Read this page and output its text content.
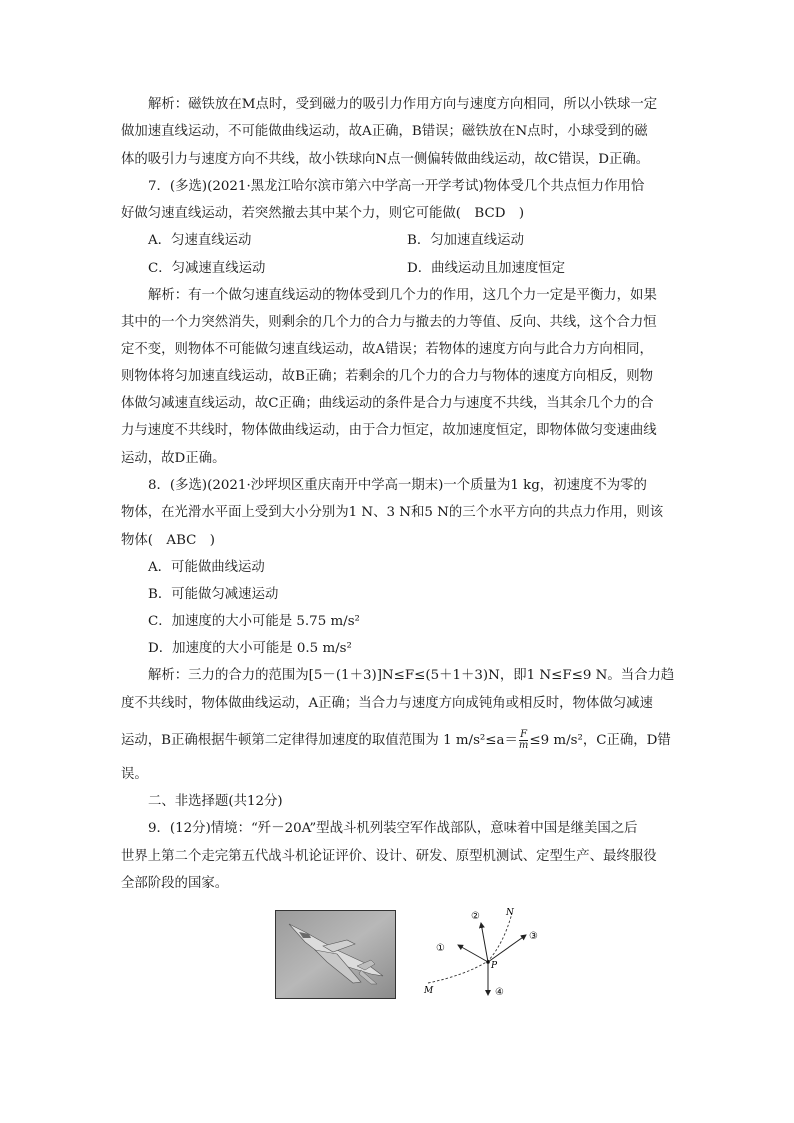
解析：磁铁放在M点时，受到磁力的吸引力作用方向与速度方向相同，所以小铁球一定
做加速直线运动，不可能做曲线运动，故A正确，B错误；磁铁放在N点时，小球受到的磁
体的吸引力与速度方向不共线，故小铁球向N点一侧偏转做曲线运动，故C错误，D正确。
7．(多选)(2021·黑龙江哈尔滨市第六中学高一开学考试)物体受几个共点恒力作用恰
好做匀速直线运动，若突然撤去其中某个力，则它可能做(　BCD　)
A．匀速直线运动	B．匀加速直线运动
C．匀减速直线运动	D．曲线运动且加速度恒定
解析：有一个做匀速直线运动的物体受到几个力的作用，这几个力一定是平衡力，如果
其中的一个力突然消失，则剩余的几个力的合力与撤去的力等值、反向、共线，这个合力恒
定不变，则物体不可能做匀速直线运动，故A错误；若物体的速度方向与此合力方向相同，
则物体将匀加速直线运动，故B正确；若剩余的几个力的合力与物体的速度方向相反，则物
体做匀减速直线运动，故C正确；曲线运动的条件是合力与速度不共线，当其余几个力的合
力与速度不共线时，物体做曲线运动，由于合力恒定，故加速度恒定，即物体做匀变速曲线
运动，故D正确。
8．(多选)(2021·沙坪坝区重庆南开中学高一期末)一个质量为1 kg，初速度不为零的
物体，在光滑水平面上受到大小分别为1 N、3 N和5 N的三个水平方向的共点力作用，则该
物体(　ABC　)
A．可能做曲线运动
B．可能做匀减速运动
C．加速度的大小可能是 5.75 m/s²
D．加速度的大小可能是 0.5 m/s²
解析：三力的合力的范围为[5－(1＋3)]N≤F≤(5＋1＋3)N，即1 N≤F≤9 N。当合力趋
度不共线时，物体做曲线运动，A正确；当合力与速度方向成钝角或相反时，物体做匀减速
运动，B正确根据牛顿第二定律得加速度的取值范围为 1 $m/s^2\le a= \frac{F}{m} \le 9$ m/s²，C正确，D错
误。
二、非选择题(共12分)
9．(12分)情境：“歼－20A”型战斗机列装空军作战部队，意味着中国是继美国之后
世界上第二个走完第五代战斗机论证评价、设计、研发、原型机测试、定型生产、最终服役
全部阶段的国家。
①
②
③
④
N
M
P
